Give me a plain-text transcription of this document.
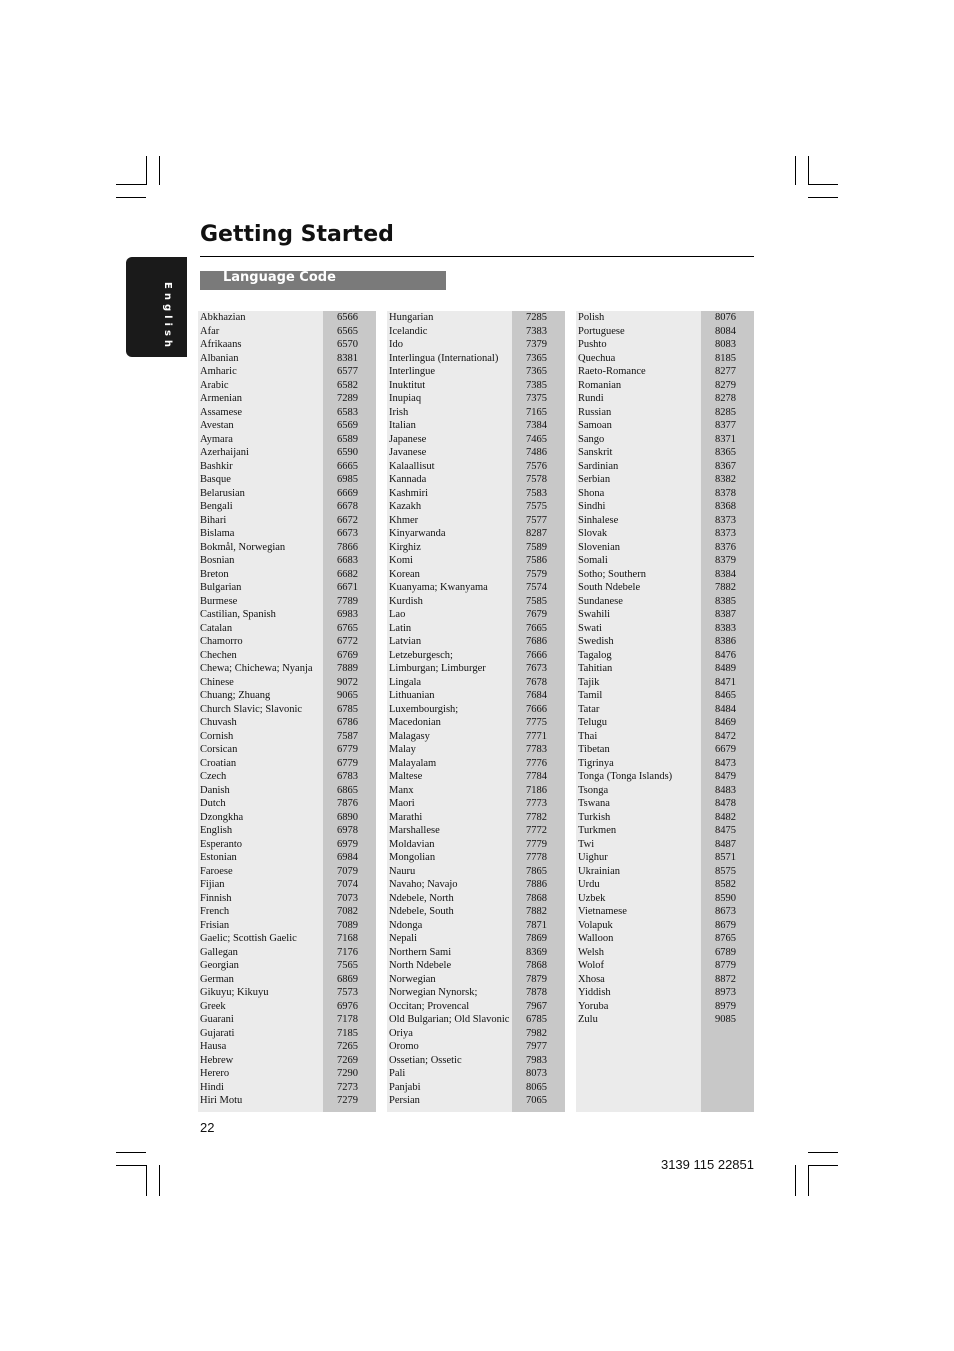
English
Getting Started
Language Code
Abkhazian	6566
Afar	6565
Afrikaans	6570
Albanian	8381
Amharic	6577
Arabic	6582
Armenian	7289
Assamese	6583
Avestan	6569
Aymara	6589
Azerhaijani	6590
Bashkir	6665
Basque	6985
Belarusian	6669
Bengali	6678
Bihari	6672
Bislama	6673
Bokmål, Norwegian	7866
Bosnian	6683
Breton	6682
Bulgarian	6671
Burmese	7789
Castilian, Spanish	6983
Catalan	6765
Chamorro	6772
Chechen	6769
Chewa; Chichewa; Nyanja	7889
Chinese	9072
Chuang; Zhuang	9065
Church Slavic; Slavonic	6785
Chuvash	6786
Cornish	7587
Corsican	6779
Croatian	6779
Czech	6783
Danish	6865
Dutch	7876
Dzongkha	6890
English	6978
Esperanto	6979
Estonian	6984
Faroese	7079
Fijian	7074
Finnish	7073
French	7082
Frisian	7089
Gaelic; Scottish Gaelic	7168
Gallegan	7176
Georgian	7565
German	6869
Gikuyu; Kikuyu	7573
Greek	6976
Guarani	7178
Gujarati	7185
Hausa	7265
Hebrew	7269
Herero	7290
Hindi	7273
Hiri Motu	7279
Hungarian	7285
Icelandic	7383
Ido	7379
Interlingua (International)	7365
Interlingue	7365
Inuktitut	7385
Inupiaq	7375
Irish	7165
Italian	7384
Japanese	7465
Javanese	7486
Kalaallisut	7576
Kannada	7578
Kashmiri	7583
Kazakh	7575
Khmer	7577
Kinyarwanda	8287
Kirghiz	7589
Komi	7586
Korean	7579
Kuanyama; Kwanyama	7574
Kurdish	7585
Lao	7679
Latin	7665
Latvian	7686
Letzeburgesch;	7666
Limburgan; Limburger	7673
Lingala	7678
Lithuanian	7684
Luxembourgish;	7666
Macedonian	7775
Malagasy	7771
Malay	7783
Malayalam	7776
Maltese	7784
Manx	7186
Maori	7773
Marathi	7782
Marshallese	7772
Moldavian	7779
Mongolian	7778
Nauru	7865
Navaho; Navajo	7886
Ndebele, North	7868
Ndebele, South	7882
Ndonga	7871
Nepali	7869
Northern Sami	8369
North Ndebele	7868
Norwegian	7879
Norwegian Nynorsk;	7878
Occitan; Provencal	7967
Old Bulgarian; Old Slavonic	6785
Oriya	7982
Oromo	7977
Ossetian; Ossetic	7983
Pali	8073
Panjabi	8065
Persian	7065
Polish	8076
Portuguese	8084
Pushto	8083
Quechua	8185
Raeto-Romance	8277
Romanian	8279
Rundi	8278
Russian	8285
Samoan	8377
Sango	8371
Sanskrit	8365
Sardinian	8367
Serbian	8382
Shona	8378
Sindhi	8368
Sinhalese	8373
Slovak	8373
Slovenian	8376
Somali	8379
Sotho; Southern	8384
South Ndebele	7882
Sundanese	8385
Swahili	8387
Swati	8383
Swedish	8386
Tagalog	8476
Tahitian	8489
Tajik	8471
Tamil	8465
Tatar	8484
Telugu	8469
Thai	8472
Tibetan	6679
Tigrinya	8473
Tonga (Tonga Islands)	8479
Tsonga	8483
Tswana	8478
Turkish	8482
Turkmen	8475
Twi	8487
Uighur	8571
Ukrainian	8575
Urdu	8582
Uzbek	8590
Vietnamese	8673
Volapuk	8679
Walloon	8765
Welsh	6789
Wolof	8779
Xhosa	8872
Yiddish	8973
Yoruba	8979
Zulu	9085
22
3139 115 22851
